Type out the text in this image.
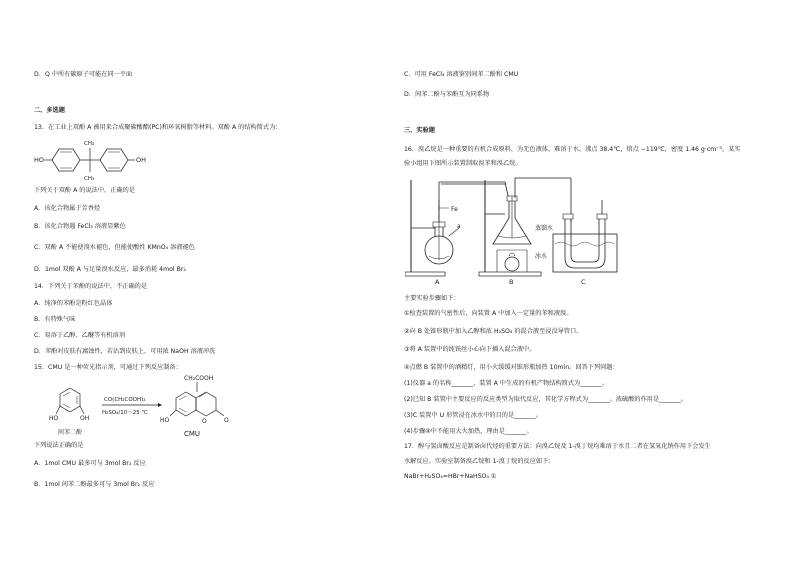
D．Q 中所有碳原子可能在同一平面
二、多选题
13．在工业上双酚 A 被用来合成聚碳酸酯(PC)和环氧树脂等材料。双酚 A 的结构简式为：
HO
CH₃
CH₃
OH
下列关于双酚 A 的说法中，正确的是
A．该化合物属于芳香烃
B．该化合物遇 FeCl₃ 溶液显紫色
C．双酚 A 不能使溴水褪色，但能使酸性 KMnO₄ 溶液褪色
D．1mol 双酚 A 与足量溴水反应，最多消耗 4mol Br₂
14．下列关于苯酚的说法中，不正确的是
A．纯净的苯酚是粉红色晶体
B．有特殊气味
C．易溶于乙醇、乙醚等有机溶剂
D．苯酚对皮肤有腐蚀性，若沾到皮肤上，可用浓 NaOH 溶液冲洗
15．CMU 是一种荧光指示剂，可通过下列反应制备：
HO	OH
间苯二酚
CO(CH₂COOH)₂
H₂SO₄/10～25 ℃
CH₂COOH
HO	O	O
CMU
下列说法正确的是
A．1mol CMU 最多可与 3mol Br₂ 反应
B．1mol 间苯二酚最多可与 3mol Br₂ 反应
C．可用 FeCl₃ 溶液鉴别间苯二酚和 CMU
D．间苯二酚与苯酚互为同系物
三、实验题
16．溴乙烷是一种重要的有机合成原料，为无色液体，难溶于水，沸点 38.4℃，熔点 −119℃，密度 1.46 g·cm⁻³。某实
验小组用下图所示装置制取溴苯和溴乙烷。
Fe
a
A	B
蒸馏水
冰水
C
主要实验步骤如下：
①检查装置的气密性后，向装置 A 中加入一定量的苯和液溴。
②向 B 处锥形瓶中加入乙醇和浓 H₂SO₄ 的混合液至浸没导管口。
③将 A 装置中的纯铁丝小心向下插入混合液中。
④点燃 B 装置中的酒精灯，用小火缓缓对锥形瓶加热 10min。回答下列问题：
(1)仪器 a 的名称_______，装置 A 中生成的有机产物结构简式为_______。
(2)已知 B 装置中主要反应的反应类型为取代反应，其化学方程式为_______。浓硫酸的作用是_______。
(3)C 装置中 U 形管浸在冰水中的目的是_______。
(4)步骤④中不能用大火加热，理由是_______。
17．醇与氢卤酸反应是制备卤代烃的重要方法：向溴乙烷及 1-溴丁烷均难溶于水且二者在氢氧化钠作用下会发生
水解反应。实验室制备溴乙烷和 1-溴丁烷的反应如下：
NaBr+H₂SO₄=HBr+NaHSO₄ ①
